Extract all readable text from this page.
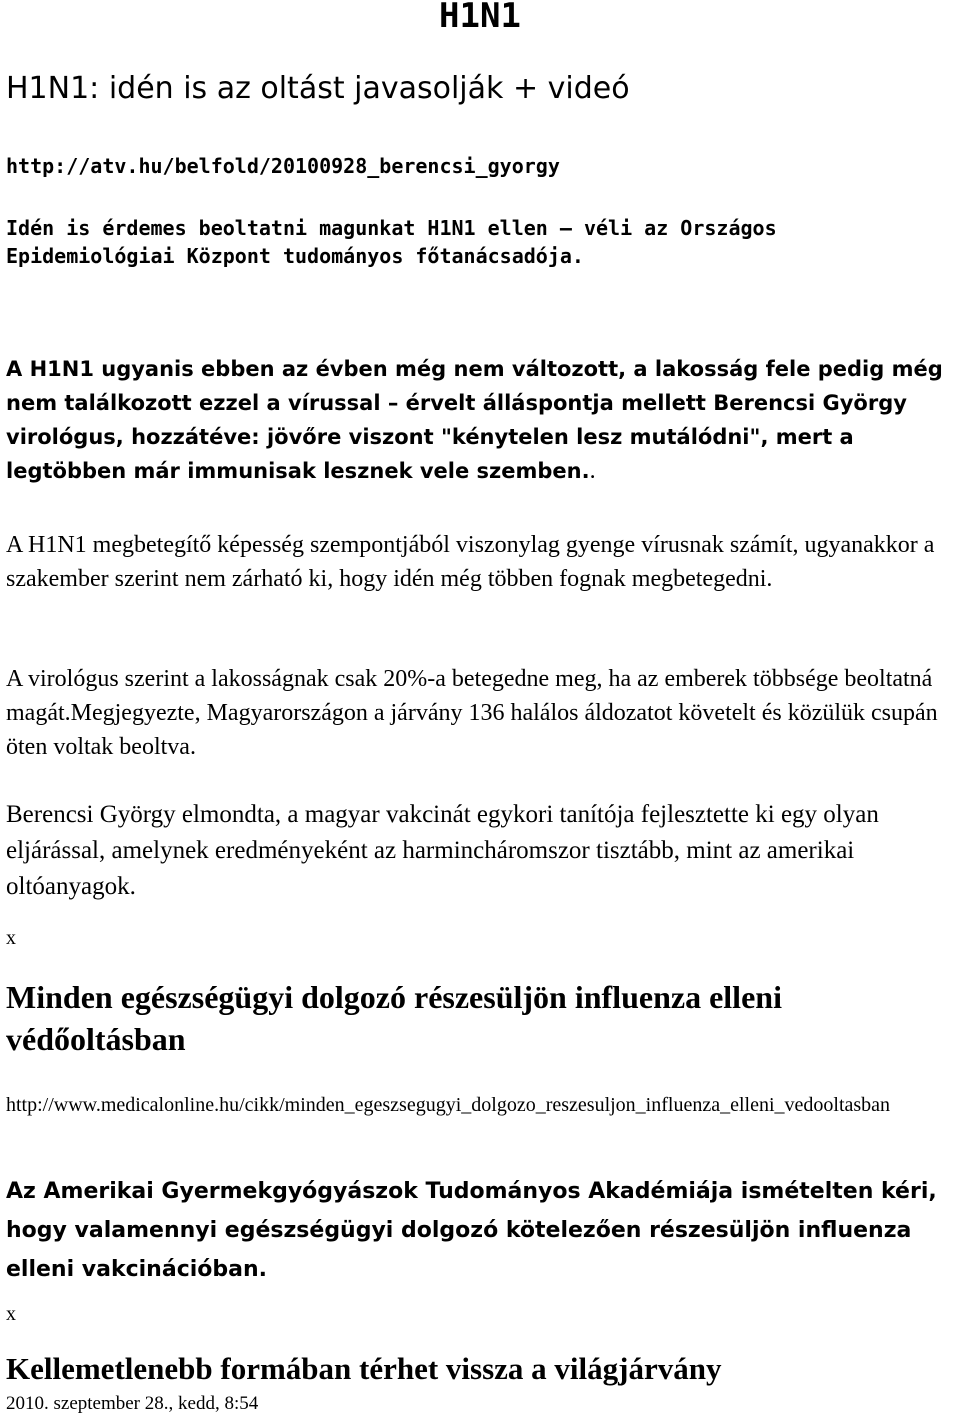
H1N1
H1N1: idén is az oltást javasolják + videó

http://atv.hu/belfold/20100928_berencsi_gyorgy

Idén is érdemes beoltatni magunkat H1N1 ellen – véli az Országos Epidemiológiai Központ tudományos főtanácsadója.

A H1N1 ugyanis ebben az évben még nem változott, a lakosság fele pedig még nem találkozott ezzel a vírussal – érvelt álláspontja mellett Berencsi György virológus, hozzátéve: jövőre viszont "kénytelen lesz mutálódni", mert a legtöbben már immunisak lesznek vele szemben..

A H1N1 megbetegítő képesség szempontjából viszonylag gyenge vírusnak számít, ugyanakkor a szakember szerint nem zárható ki, hogy idén még többen fognak megbetegedni.

A virológus szerint a lakosságnak csak 20%-a betegedne meg, ha az emberek többsége beoltatná magát.Megjegyezte, Magyarországon a járvány 136 halálos áldozatot követelt és közülük csupán öten voltak beoltva.

Berencsi György elmondta, a magyar vakcinát egykori tanítója fejlesztette ki egy olyan eljárással, amelynek eredményeként az harmincháromszor tisztább, mint az amerikai oltóanyagok.

x
Minden egészségügyi dolgozó részesüljön influenza elleni védőoltásban

http://www.medicalonline.hu/cikk/minden_egeszsegugyi_dolgozo_reszesuljon_influenza_elleni_vedooltasban

Az Amerikai Gyermekgyógyászok Tudományos Akadémiája ismételten kéri, hogy valamennyi egészségügyi dolgozó kötelezően részesüljön influenza elleni vakcinációban.

x
Kellemetlenebb formában térhet vissza a világjárvány
2010. szeptember 28., kedd, 8:54
